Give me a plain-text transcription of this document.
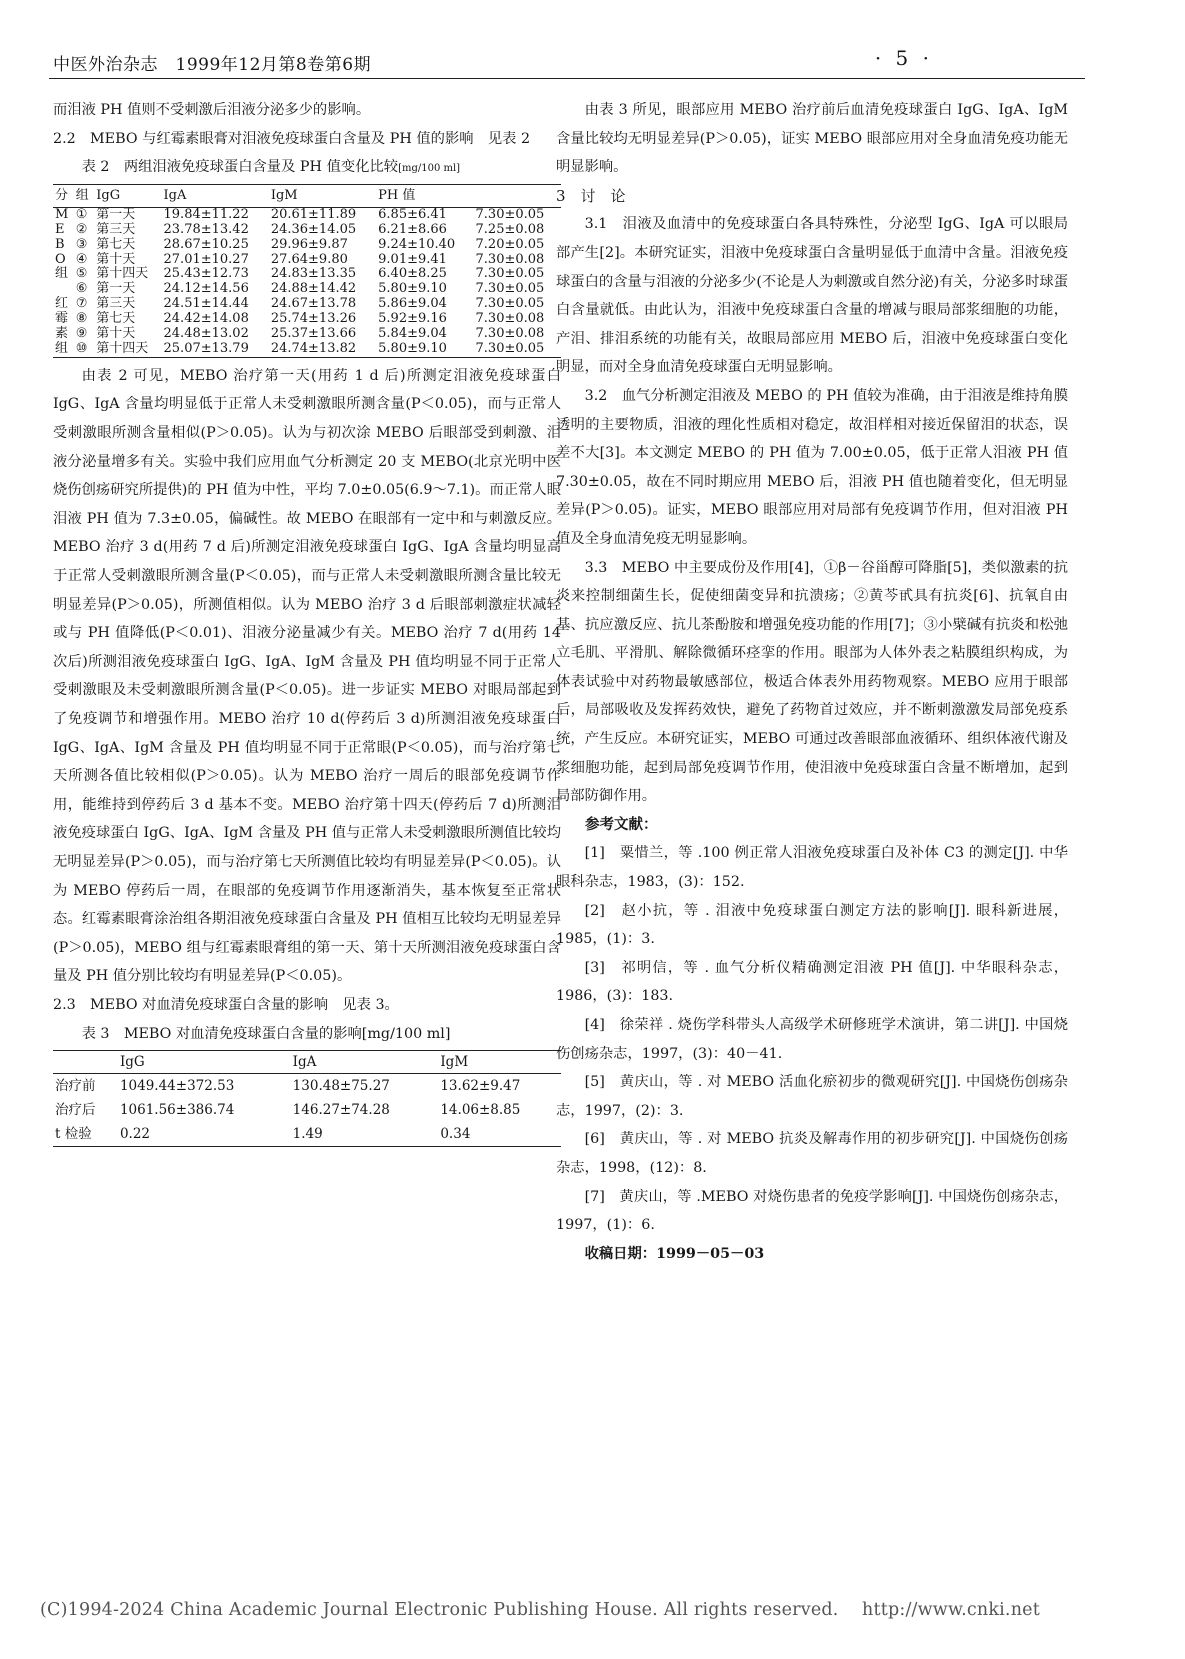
中医外治杂志　1999年12月第8卷第6期	· 5 ·

而泪液 PH 值则不受刺激后泪液分泌多少的影响。

2.2　MEBO 与红霉素眼膏对泪液免疫球蛋白含量及 PH 值的影响　见表 2

表 2　两组泪液免疫球蛋白含量及 PH 值变化比较[mg/100 ml]

分	组	IgG	IgA	IgM	PH 值	
M	①	第一天	19.84±11.22	20.61±11.89	6.85±6.41	7.30±0.05
E	②	第三天	23.78±13.42	24.36±14.05	6.21±8.66	7.25±0.08
B	③	第七天	28.67±10.25	29.96±9.87	9.24±10.40	7.20±0.05
O	④	第十天	27.01±10.27	27.64±9.80	9.01±9.41	7.30±0.08
组	⑤	第十四天	25.43±12.73	24.83±13.35	6.40±8.25	7.30±0.05
	⑥	第一天	24.12±14.56	24.88±14.42	5.80±9.10	7.30±0.05
红	⑦	第三天	24.51±14.44	24.67±13.78	5.86±9.04	7.30±0.05
霉	⑧	第七天	24.42±14.08	25.74±13.26	5.92±9.16	7.30±0.08
素	⑨	第十天	24.48±13.02	25.37±13.66	5.84±9.04	7.30±0.08
组	⑩	第十四天	25.07±13.79	24.74±13.82	5.80±9.10	7.30±0.05

由表 2 可见，MEBO 治疗第一天(用药 1 d 后)所测定泪液免疫球蛋白 IgG、IgA 含量均明显低于正常人未受刺激眼所测含量(P＜0.05)，而与正常人受刺激眼所测含量相似(P＞0.05)。认为与初次涂 MEBO 后眼部受到刺激、泪液分泌量增多有关。实验中我们应用血气分析测定 20 支 MEBO(北京光明中医烧伤创疡研究所提供)的 PH 值为中性，平均 7.0±0.05(6.9～7.1)。而正常人眼泪液 PH 值为 7.3±0.05，偏碱性。故 MEBO 在眼部有一定中和与刺激反应。MEBO 治疗 3 d(用药 7 d 后)所测定泪液免疫球蛋白 IgG、IgA 含量均明显高于正常人受刺激眼所测含量(P＜0.05)，而与正常人未受刺激眼所测含量比较无明显差异(P＞0.05)，所测值相似。认为 MEBO 治疗 3 d 后眼部刺激症状减轻或与 PH 值降低(P＜0.01)、泪液分泌量减少有关。MEBO 治疗 7 d(用药 14 次后)所测泪液免疫球蛋白 IgG、IgA、IgM 含量及 PH 值均明显不同于正常人受刺激眼及未受刺激眼所测含量(P＜0.05)。进一步证实 MEBO 对眼局部起到了免疫调节和增强作用。MEBO 治疗 10 d(停药后 3 d)所测泪液免疫球蛋白 IgG、IgA、IgM 含量及 PH 值均明显不同于正常眼(P＜0.05)，而与治疗第七天所测各值比较相似(P＞0.05)。认为 MEBO 治疗一周后的眼部免疫调节作用，能维持到停药后 3 d 基本不变。MEBO 治疗第十四天(停药后 7 d)所测泪液免疫球蛋白 IgG、IgA、IgM 含量及 PH 值与正常人未受刺激眼所测值比较均无明显差异(P＞0.05)，而与治疗第七天所测值比较均有明显差异(P＜0.05)。认为 MEBO 停药后一周，在眼部的免疫调节作用逐渐消失，基本恢复至正常状态。红霉素眼膏涂治组各期泪液免疫球蛋白含量及 PH 值相互比较均无明显差异(P＞0.05)，MEBO 组与红霉素眼膏组的第一天、第十天所测泪液免疫球蛋白含量及 PH 值分别比较均有明显差异(P＜0.05)。

2.3　MEBO 对血清免疫球蛋白含量的影响　见表 3。

表 3　MEBO 对血清免疫球蛋白含量的影响[mg/100 ml]

	IgG	IgA	IgM
治疗前	1049.44±372.53	130.48±75.27	13.62±9.47
治疗后	1061.56±386.74	146.27±74.28	14.06±8.85
t 检验	0.22	1.49	0.34

由表 3 所见，眼部应用 MEBO 治疗前后血清免疫球蛋白 IgG、IgA、IgM 含量比较均无明显差异(P＞0.05)，证实 MEBO 眼部应用对全身血清免疫功能无明显影响。

3　讨　论

3.1　泪液及血清中的免疫球蛋白各具特殊性，分泌型 IgG、IgA 可以眼局部产生[2]。本研究证实，泪液中免疫球蛋白含量明显低于血清中含量。泪液免疫球蛋白的含量与泪液的分泌多少(不论是人为刺激或自然分泌)有关，分泌多时球蛋白含量就低。由此认为，泪液中免疫球蛋白含量的增减与眼局部浆细胞的功能，产泪、排泪系统的功能有关，故眼局部应用 MEBO 后，泪液中免疫球蛋白变化明显，而对全身血清免疫球蛋白无明显影响。

3.2　血气分析测定泪液及 MEBO 的 PH 值较为准确，由于泪液是维持角膜透明的主要物质，泪液的理化性质相对稳定，故泪样相对接近保留泪的状态，误差不大[3]。本文测定 MEBO 的 PH 值为 7.00±0.05，低于正常人泪液 PH 值 7.30±0.05，故在不同时期应用 MEBO 后，泪液 PH 值也随着变化，但无明显差异(P＞0.05)。证实，MEBO 眼部应用对局部有免疫调节作用，但对泪液 PH 值及全身血清免疫无明显影响。

3.3　MEBO 中主要成份及作用[4]，①β－谷甾醇可降脂[5]，类似激素的抗炎来控制细菌生长，促使细菌变异和抗溃疡；②黄芩甙具有抗炎[6]、抗氧自由基、抗应激反应、抗儿茶酚胺和增强免疫功能的作用[7]；③小檗碱有抗炎和松弛立毛肌、平滑肌、解除微循环痉挛的作用。眼部为人体外表之粘膜组织构成，为体表试验中对药物最敏感部位，极适合体表外用药物观察。MEBO 应用于眼部后，局部吸收及发挥药效快，避免了药物首过效应，并不断刺激激发局部免疫系统，产生反应。本研究证实，MEBO 可通过改善眼部血液循环、组织体液代谢及浆细胞功能，起到局部免疫调节作用，使泪液中免疫球蛋白含量不断增加，起到局部防御作用。

参考文献：

[1]　粟惜兰，等 .100 例正常人泪液免疫球蛋白及补体 C3 的测定[J]. 中华眼科杂志，1983，(3)：152.

[2]　赵小抗，等 . 泪液中免疫球蛋白测定方法的影响[J]. 眼科新进展，1985，(1)：3.

[3]　祁明信，等 . 血气分析仪精确测定泪液 PH 值[J]. 中华眼科杂志，1986，(3)：183.

[4]　徐荣祥 . 烧伤学科带头人高级学术研修班学术演讲，第二讲[J]. 中国烧伤创疡杂志，1997，(3)：40－41.

[5]　黄庆山，等 . 对 MEBO 活血化瘀初步的微观研究[J]. 中国烧伤创疡杂志，1997，(2)：3.

[6]　黄庆山，等 . 对 MEBO 抗炎及解毒作用的初步研究[J]. 中国烧伤创疡杂志，1998，(12)：8.

[7]　黄庆山，等 .MEBO 对烧伤患者的免疫学影响[J]. 中国烧伤创疡杂志，1997，(1)：6.

收稿日期：1999－05－03

(C)1994-2024 China Academic Journal Electronic Publishing House. All rights reserved.　 http://www.cnki.net
